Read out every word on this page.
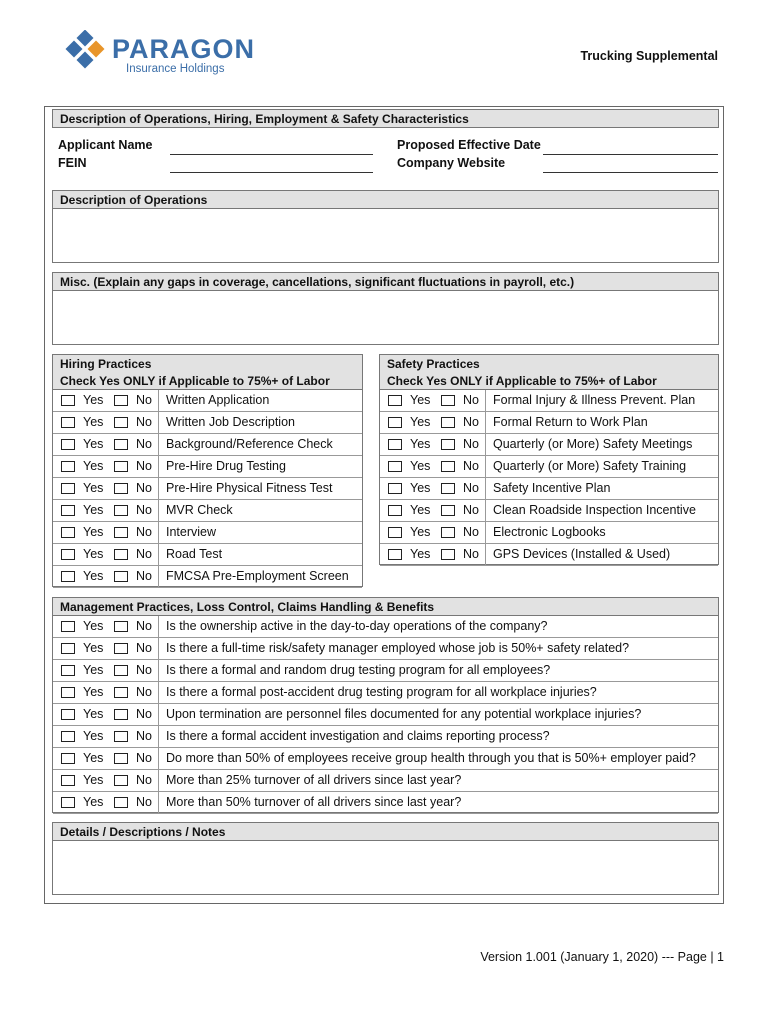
PARAGON
Insurance Holdings
Trucking Supplemental
Description of Operations, Hiring, Employment & Safety Characteristics
Applicant Name
FEIN
Proposed Effective Date
Company Website
Description of Operations
Misc. (Explain any gaps in coverage, cancellations, significant fluctuations in payroll, etc.)
Hiring Practices
Check Yes ONLY if Applicable to 75%+ of Labor
Yes	No Written Application
Yes	No Written Job Description
Yes	No Background/Reference Check
Yes	No Pre-Hire Drug Testing
Yes	No Pre-Hire Physical Fitness Test
Yes	No MVR Check
Yes	No Interview
Yes	No Road Test
Yes	No FMCSA Pre-Employment Screen
Safety Practices
Check Yes ONLY if Applicable to 75%+ of Labor
Yes	No Formal Injury & Illness Prevent. Plan
Yes	No Formal Return to Work Plan
Yes	No Quarterly (or More) Safety Meetings
Yes	No Quarterly (or More) Safety Training
Yes	No Safety Incentive Plan
Yes	No Clean Roadside Inspection Incentive
Yes	No Electronic Logbooks
Yes	No GPS Devices (Installed & Used)
Management Practices, Loss Control, Claims Handling & Benefits
Yes	No Is the ownership active in the day-to-day operations of the company?
Yes	No Is there a full-time risk/safety manager employed whose job is 50%+ safety related?
Yes	No Is there a formal and random drug testing program for all employees?
Yes	No Is there a formal post-accident drug testing program for all workplace injuries?
Yes	No Upon termination are personnel files documented for any potential workplace injuries?
Yes	No Is there a formal accident investigation and claims reporting process?
Yes	No Do more than 50% of employees receive group health through you that is 50%+ employer paid?
Yes	No More than 25% turnover of all drivers since last year?
Yes	No More than 50% turnover of all drivers since last year?
Details / Descriptions / Notes
Version 1.001 (January 1, 2020) --- Page | 1
